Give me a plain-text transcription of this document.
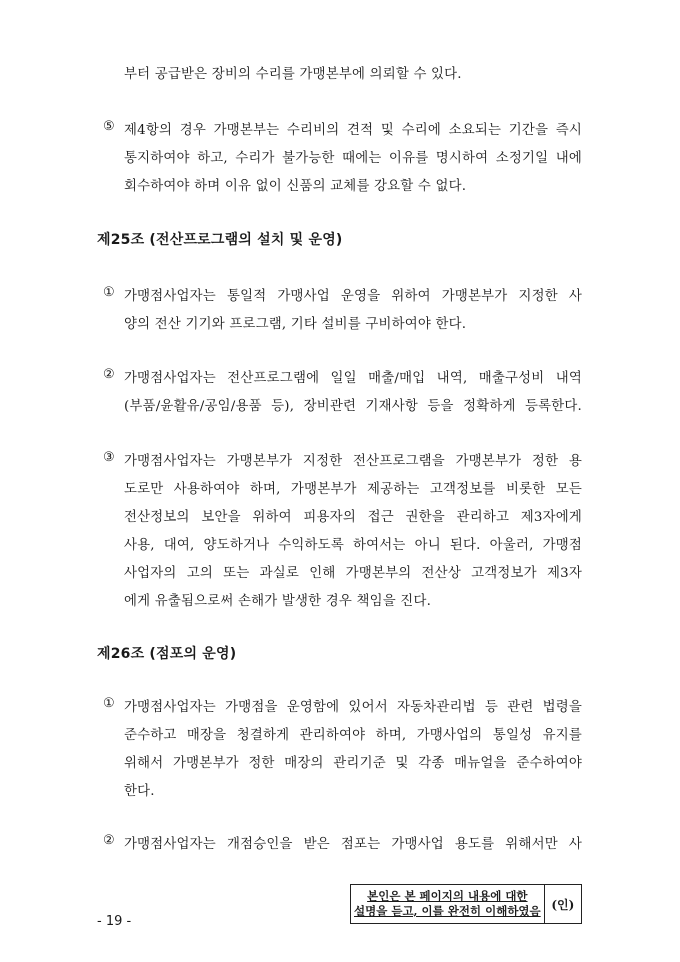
부터 공급받은 장비의 수리를 가맹본부에 의뢰할 수 있다.
⑤ 제4항의 경우 가맹본부는 수리비의 견적 및 수리에 소요되는 기간을 즉시
통지하여야 하고, 수리가 불가능한 때에는 이유를 명시하여 소정기일 내에
회수하여야 하며 이유 없이 신품의 교체를 강요할 수 없다.
제25조 (전산프로그램의 설치 및 운영)
① 가맹점사업자는 통일적 가맹사업 운영을 위하여 가맹본부가 지정한 사
양의 전산 기기와 프로그램, 기타 설비를 구비하여야 한다.
② 가맹점사업자는 전산프로그램에 일일 매출/매입 내역, 매출구성비 내역
(부품/윤활유/공임/용품 등), 장비관련 기재사항 등을 정확하게 등록한다.
③ 가맹점사업자는 가맹본부가 지정한 전산프로그램을 가맹본부가 정한 용
도로만 사용하여야 하며, 가맹본부가 제공하는 고객정보를 비롯한 모든
전산정보의 보안을 위하여 피용자의 접근 권한을 관리하고 제3자에게
사용, 대여, 양도하거나 수익하도록 하여서는 아니 된다. 아울러, 가맹점
사업자의 고의 또는 과실로 인해 가맹본부의 전산상 고객정보가 제3자
에게 유출됨으로써 손해가 발생한 경우 책임을 진다.
제26조 (점포의 운영)
① 가맹점사업자는 가맹점을 운영함에 있어서 자동차관리법 등 관련 법령을
준수하고 매장을 청결하게 관리하여야 하며, 가맹사업의 통일성 유지를
위해서 가맹본부가 정한 매장의 관리기준 및 각종 매뉴얼을 준수하여야
한다.
② 가맹점사업자는 개점승인을 받은 점포는 가맹사업 용도를 위해서만 사
- 19 -
본인은 본 페이지의 내용에 대한
설명을 듣고, 이를 완전히 이해하였음 (인)
